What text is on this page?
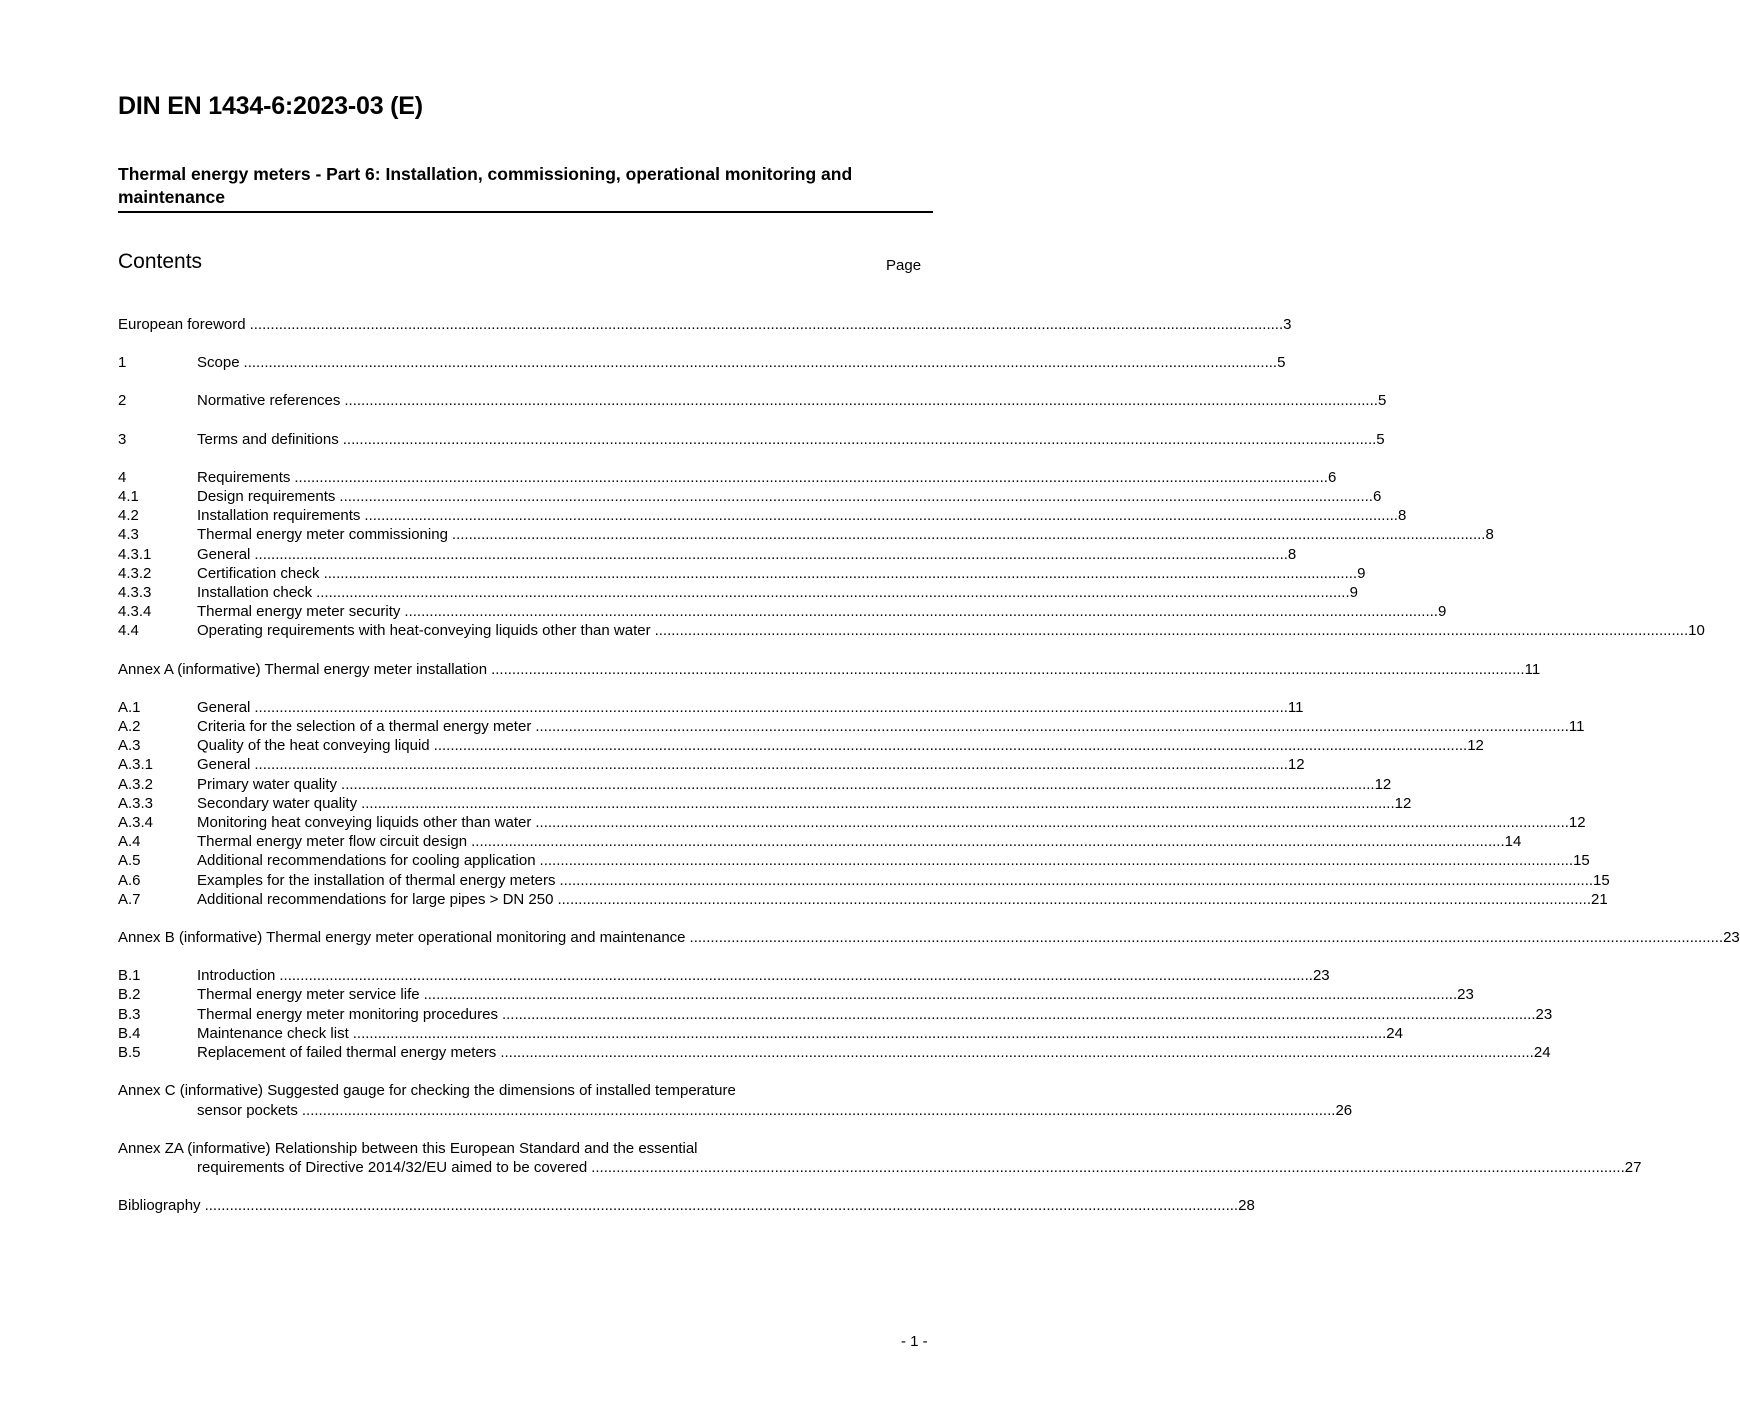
DIN EN 1434-6:2023-03 (E)
Thermal energy meters - Part 6: Installation, commissioning, operational monitoring and maintenance
Contents	Page
European foreword .....	3
1	Scope .....	5
2	Normative references .....	5
3	Terms and definitions .....	5
4	Requirements .....	6
4.1	Design requirements .....	6
4.2	Installation requirements .....	8
4.3	Thermal energy meter commissioning .....	8
4.3.1	General .....	8
4.3.2	Certification check .....	9
4.3.3	Installation check .....	9
4.3.4	Thermal energy meter security .....	9
4.4	Operating requirements with heat-conveying liquids other than water .....	10
Annex A (informative) Thermal energy meter installation .....	11
A.1	General .....	11
A.2	Criteria for the selection of a thermal energy meter .....	11
A.3	Quality of the heat conveying liquid .....	12
A.3.1	General .....	12
A.3.2	Primary water quality .....	12
A.3.3	Secondary water quality .....	12
A.3.4	Monitoring heat conveying liquids other than water .....	12
A.4	Thermal energy meter flow circuit design .....	14
A.5	Additional recommendations for cooling application .....	15
A.6	Examples for the installation of thermal energy meters .....	15
A.7	Additional recommendations for large pipes > DN 250 .....	21
Annex B (informative) Thermal energy meter operational monitoring and maintenance .....	23
B.1	Introduction .....	23
B.2	Thermal energy meter service life .....	23
B.3	Thermal energy meter monitoring procedures .....	23
B.4	Maintenance check list .....	24
B.5	Replacement of failed thermal energy meters .....	24
Annex C (informative) Suggested gauge for checking the dimensions of installed temperature
sensor pockets .....	26
Annex ZA (informative) Relationship between this European Standard and the essential
requirements of Directive 2014/32/EU aimed to be covered .....	27
Bibliography .....	28
- 1 -
